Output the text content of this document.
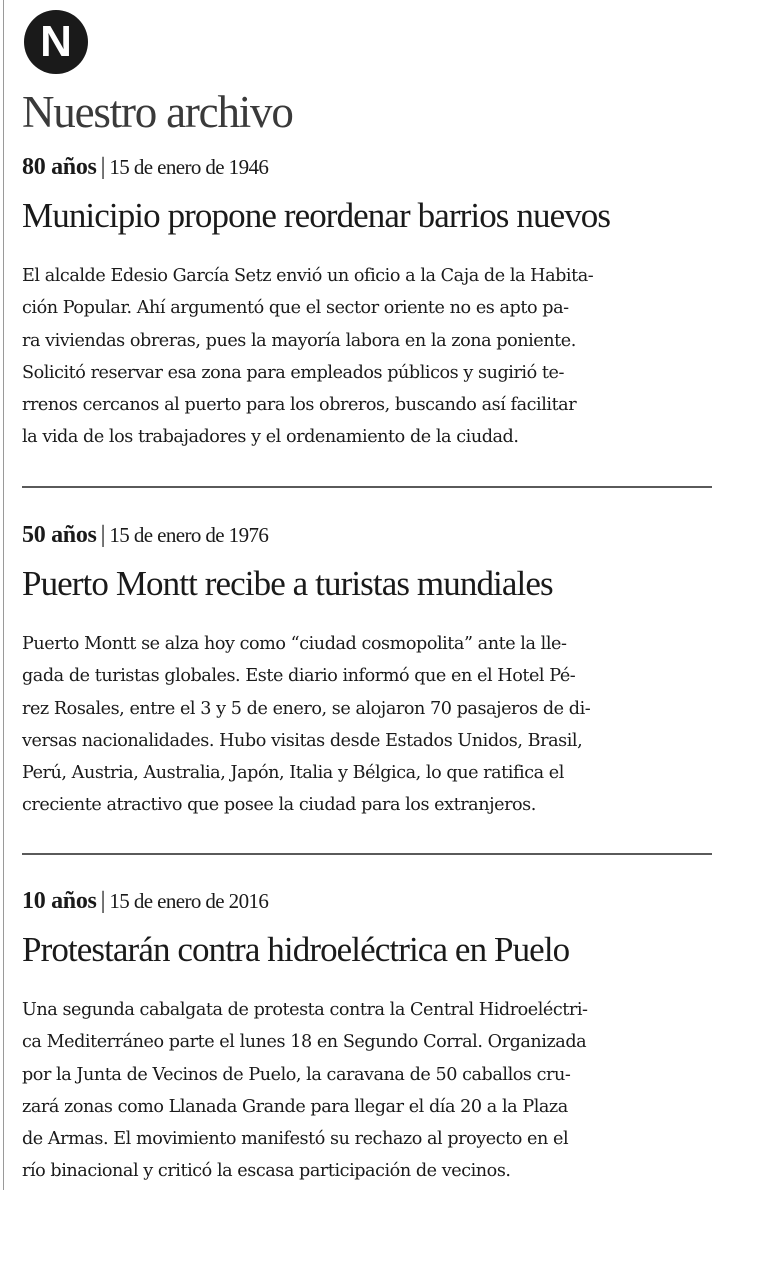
N
Nuestro archivo
80 años | 15 de enero de 1946
Municipio propone reordenar barrios nuevos

El alcalde Edesio García Setz envió un oficio a la Caja de la Habita-
ción Popular. Ahí argumentó que el sector oriente no es apto pa-
ra viviendas obreras, pues la mayoría labora en la zona poniente.
Solicitó reservar esa zona para empleados públicos y sugirió te-
rrenos cercanos al puerto para los obreros, buscando así facilitar
la vida de los trabajadores y el ordenamiento de la ciudad.

50 años | 15 de enero de 1976
Puerto Montt recibe a turistas mundiales

Puerto Montt se alza hoy como “ciudad cosmopolita” ante la lle-
gada de turistas globales. Este diario informó que en el Hotel Pé-
rez Rosales, entre el 3 y 5 de enero, se alojaron 70 pasajeros de di-
versas nacionalidades. Hubo visitas desde Estados Unidos, Brasil,
Perú, Austria, Australia, Japón, Italia y Bélgica, lo que ratifica el
creciente atractivo que posee la ciudad para los extranjeros.

10 años | 15 de enero de 2016
Protestarán contra hidroeléctrica en Puelo

Una segunda cabalgata de protesta contra la Central Hidroeléctri-
ca Mediterráneo parte el lunes 18 en Segundo Corral. Organizada
por la Junta de Vecinos de Puelo, la caravana de 50 caballos cru-
zará zonas como Llanada Grande para llegar el día 20 a la Plaza
de Armas. El movimiento manifestó su rechazo al proyecto en el
río binacional y criticó la escasa participación de vecinos.
